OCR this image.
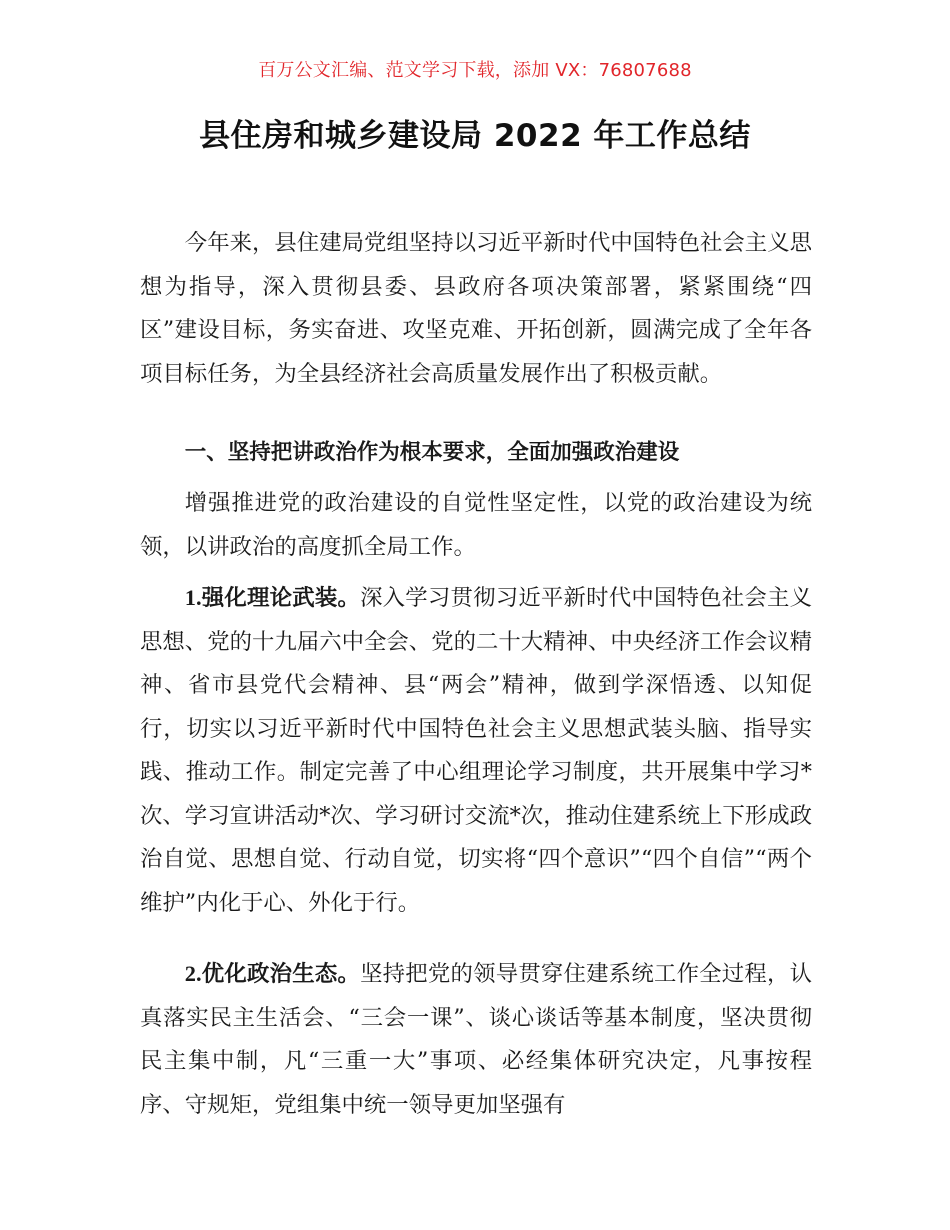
百万公文汇编、范文学习下载，添加 VX：76807688
县住房和城乡建设局 2022 年工作总结

今年来，县住建局党组坚持以习近平新时代中国特色社会主义思想为指导，深入贯彻县委、县政府各项决策部署，紧紧围绕“四区”建设目标，务实奋进、攻坚克难、开拓创新，圆满完成了全年各项目标任务，为全县经济社会高质量发展作出了积极贡献。

一、坚持把讲政治作为根本要求，全面加强政治建设

增强推进党的政治建设的自觉性坚定性，以党的政治建设为统领，以讲政治的高度抓全局工作。

1.强化理论武装。深入学习贯彻习近平新时代中国特色社会主义思想、党的十九届六中全会、党的二十大精神、中央经济工作会议精神、省市县党代会精神、县“两会”精神，做到学深悟透、以知促行，切实以习近平新时代中国特色社会主义思想武装头脑、指导实践、推动工作。制定完善了中心组理论学习制度，共开展集中学习*次、学习宣讲活动*次、学习研讨交流*次，推动住建系统上下形成政治自觉、思想自觉、行动自觉，切实将“四个意识”“四个自信”“两个维护”内化于心、外化于行。

2.优化政治生态。坚持把党的领导贯穿住建系统工作全过程，认真落实民主生活会、“三会一课”、谈心谈话等基本制度，坚决贯彻民主集中制，凡“三重一大”事项、必经集体研究决定，凡事按程序、守规矩，党组集中统一领导更加坚强有
